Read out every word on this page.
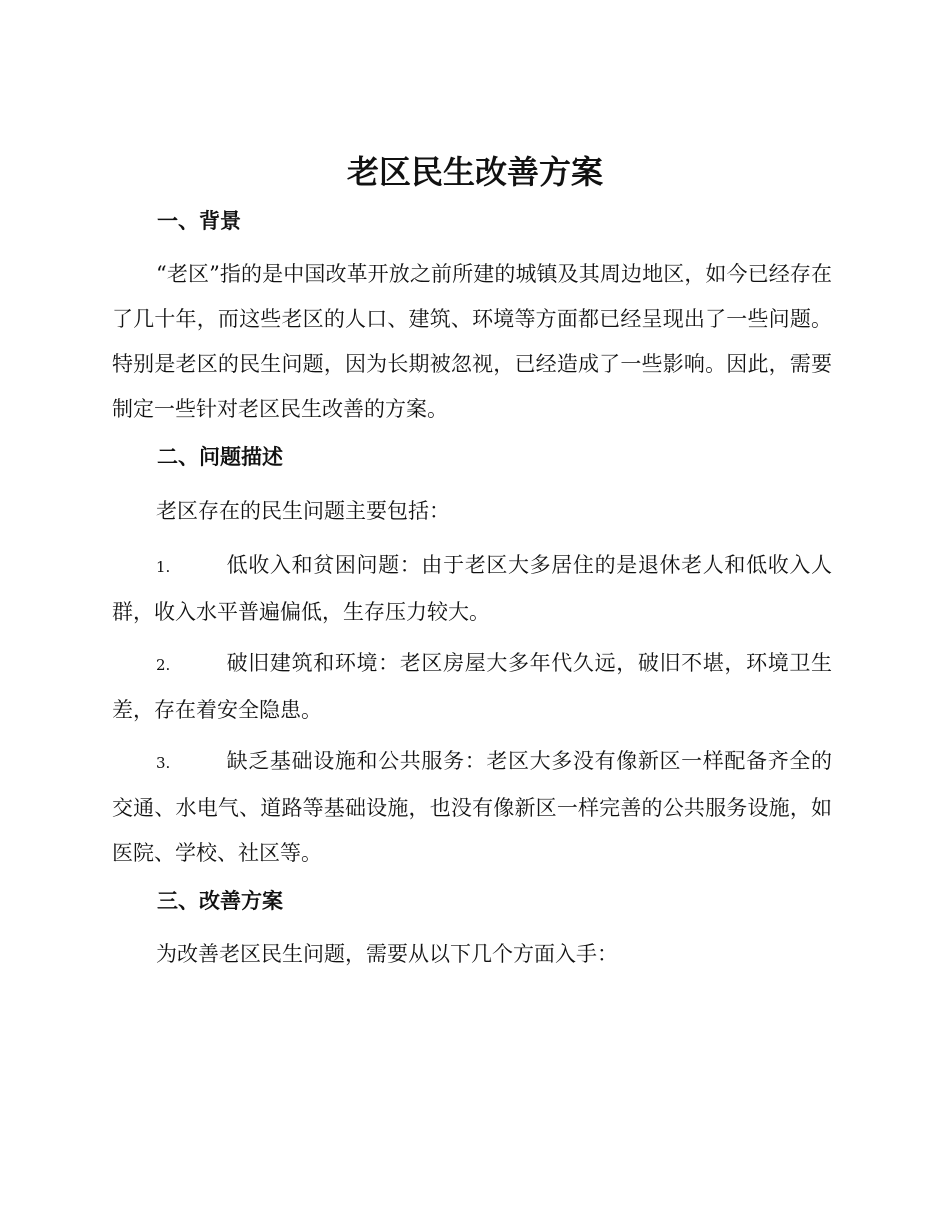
老区民生改善方案
一、背景

“老区”指的是中国改革开放之前所建的城镇及其周边地区，如今已经存在了几十年，而这些老区的人口、建筑、环境等方面都已经呈现出了一些问题。特别是老区的民生问题，因为长期被忽视，已经造成了一些影响。因此，需要制定一些针对老区民生改善的方案。

二、问题描述

老区存在的民生问题主要包括：

1.	低收入和贫困问题：由于老区大多居住的是退休老人和低收入人群，收入水平普遍偏低，生存压力较大。

2.	破旧建筑和环境：老区房屋大多年代久远，破旧不堪，环境卫生差，存在着安全隐患。

3.	缺乏基础设施和公共服务：老区大多没有像新区一样配备齐全的交通、水电气、道路等基础设施，也没有像新区一样完善的公共服务设施，如医院、学校、社区等。

三、改善方案

为改善老区民生问题，需要从以下几个方面入手：
